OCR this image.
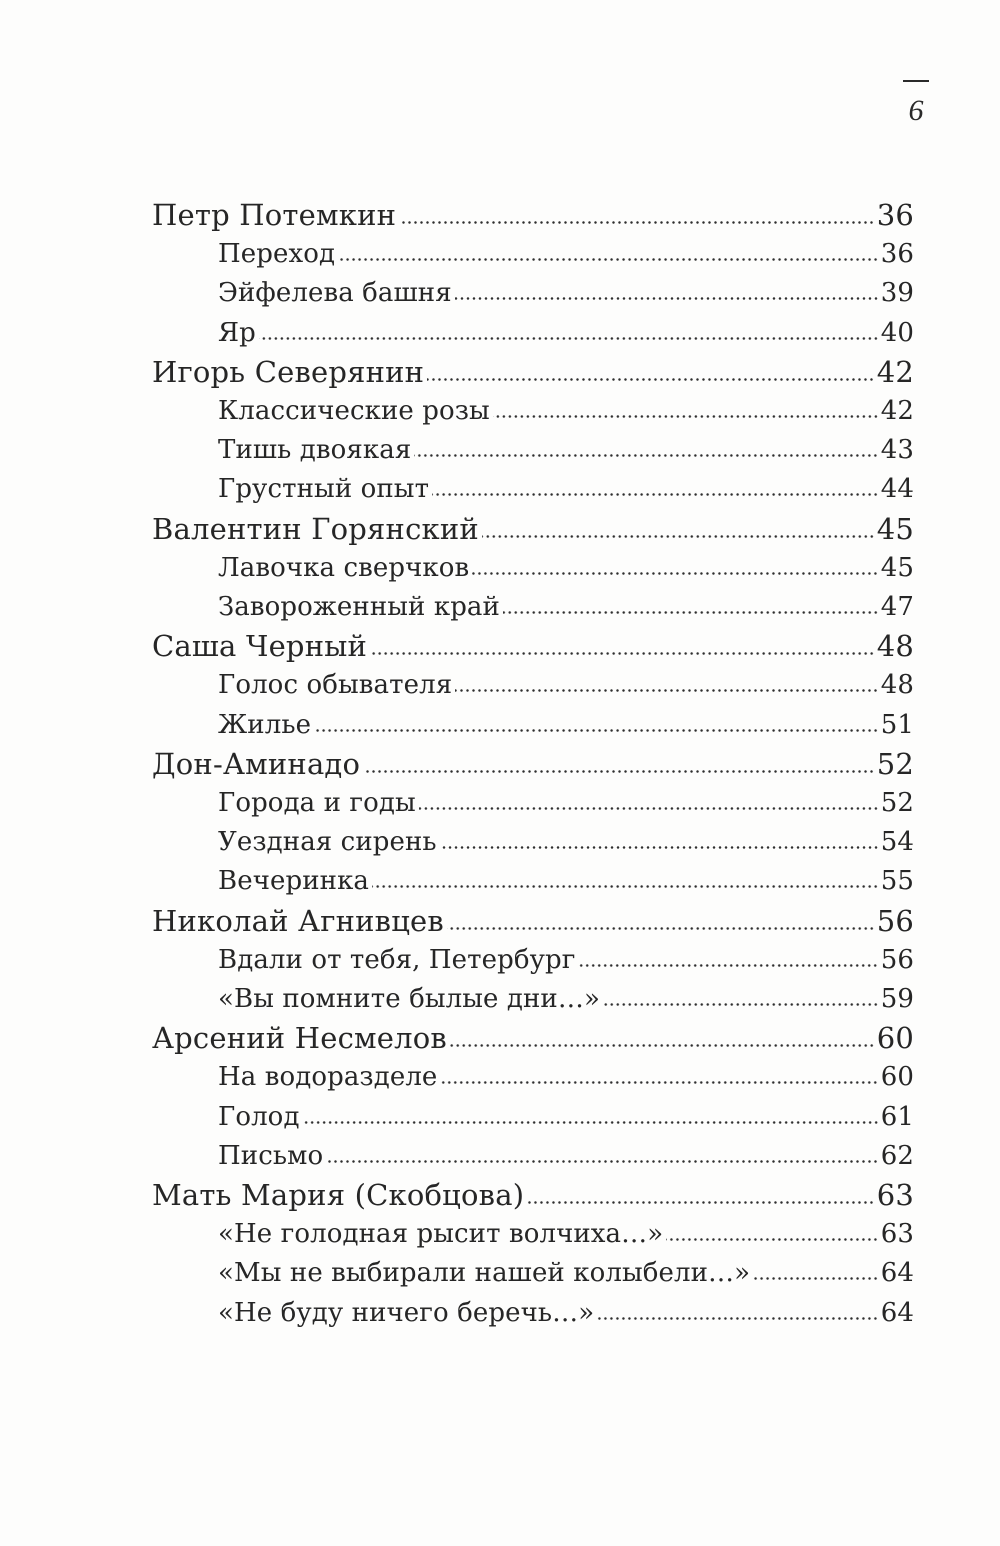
6
Петр Потемкин	36
Переход	36
Эйфелева башня	39
Яр	40
Игорь Северянин	42
Классические розы	42
Тишь двоякая	43
Грустный опыт	44
Валентин Горянский	45
Лавочка сверчков	45
Завороженный край	47
Саша Черный	48
Голос обывателя	48
Жилье	51
Дон-Аминадо	52
Города и годы	52
Уездная сирень	54
Вечеринка	55
Николай Агнивцев	56
Вдали от тебя, Петербург	56
«Вы помните былые дни…»	59
Арсений Несмелов	60
На водоразделе	60
Голод	61
Письмо	62
Мать Мария (Скобцова)	63
«Не голодная рысит волчиха…»	63
«Мы не выбирали нашей колыбели…»	64
«Не буду ничего беречь…»	64
